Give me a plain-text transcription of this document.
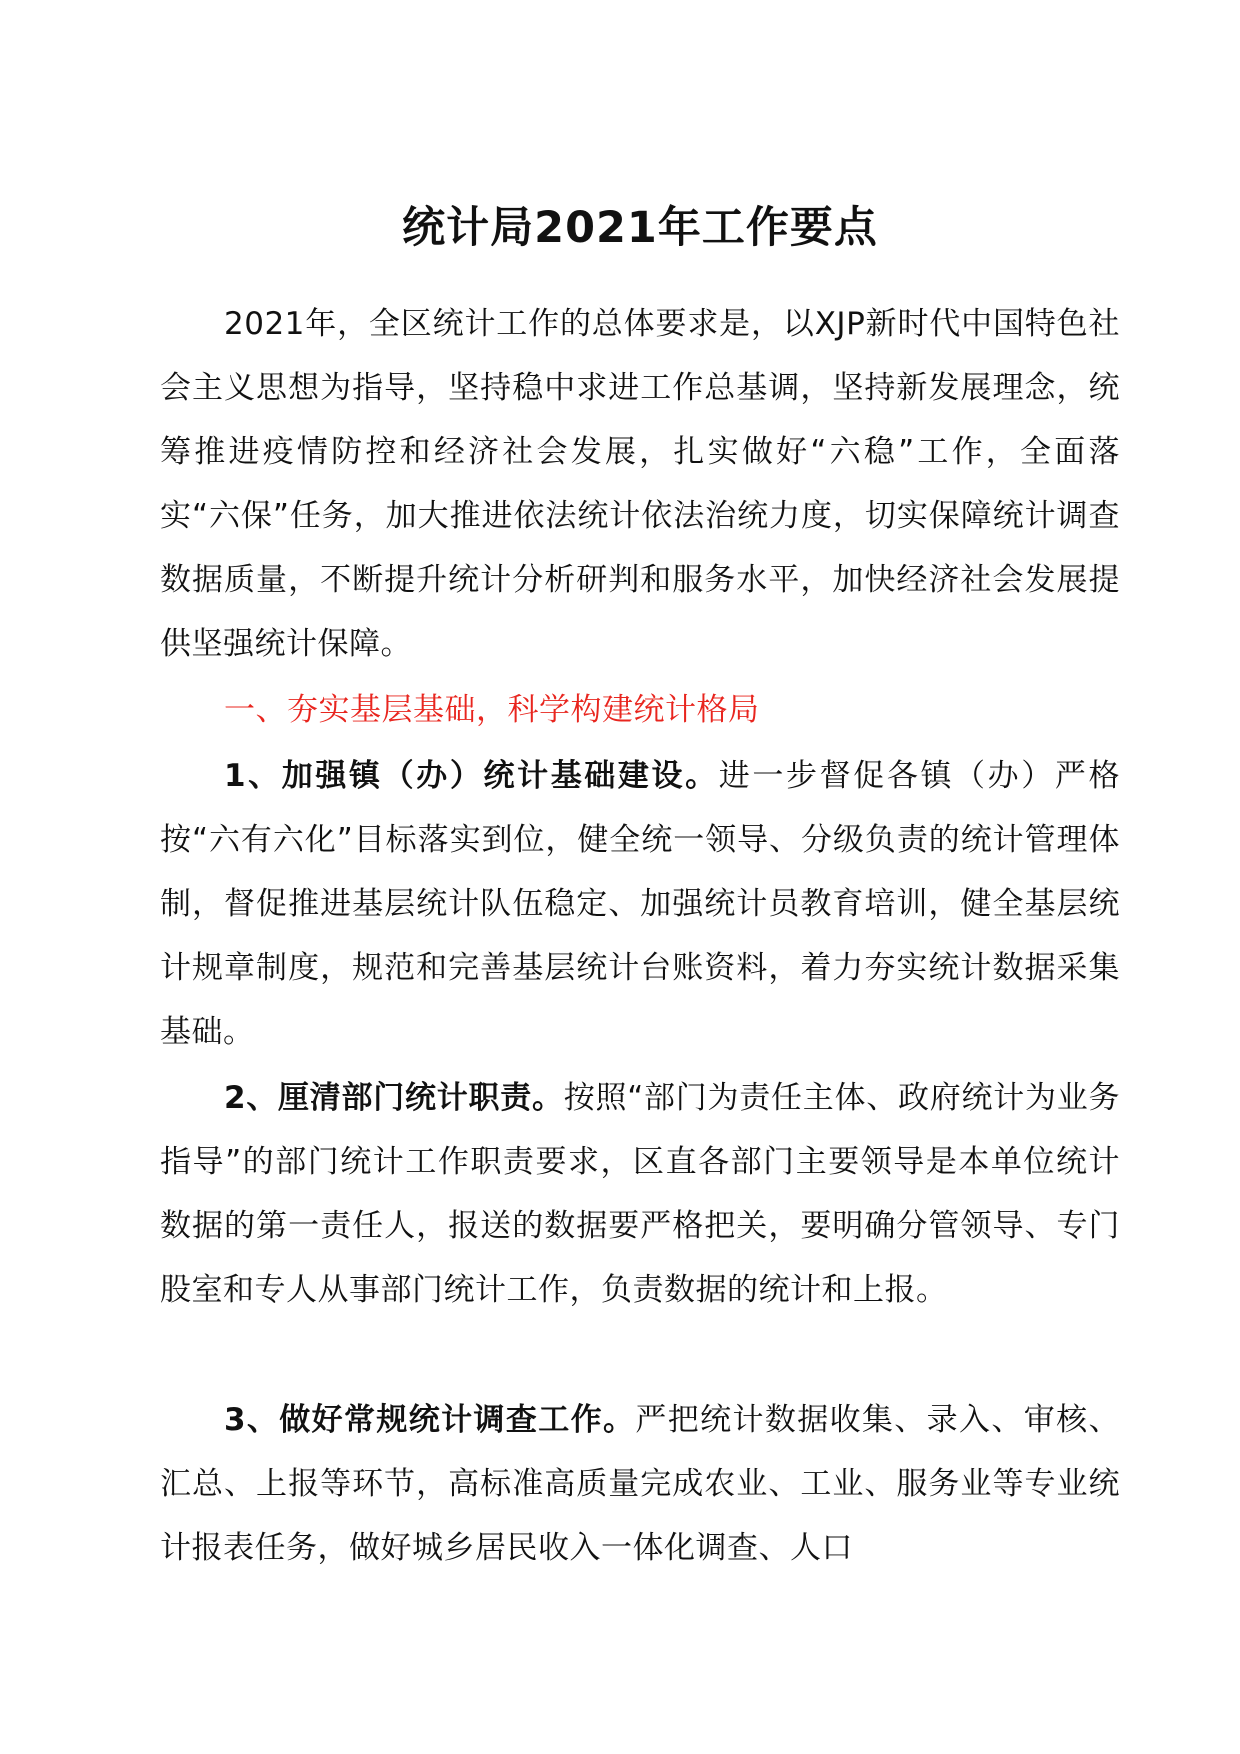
统计局2021年工作要点

2021年，全区统计工作的总体要求是，以XJP新时代中国特色社会主义思想为指导，坚持稳中求进工作总基调，坚持新发展理念，统筹推进疫情防控和经济社会发展，扎实做好“六稳”工作，全面落实“六保”任务，加大推进依法统计依法治统力度，切实保障统计调查数据质量，不断提升统计分析研判和服务水平，加快经济社会发展提供坚强统计保障。

一、夯实基层基础，科学构建统计格局

1、加强镇（办）统计基础建设。进一步督促各镇（办）严格按“六有六化”目标落实到位，健全统一领导、分级负责的统计管理体制，督促推进基层统计队伍稳定、加强统计员教育培训，健全基层统计规章制度，规范和完善基层统计台账资料，着力夯实统计数据采集基础。

2、厘清部门统计职责。按照“部门为责任主体、政府统计为业务指导”的部门统计工作职责要求，区直各部门主要领导是本单位统计数据的第一责任人，报送的数据要严格把关，要明确分管领导、专门股室和专人从事部门统计工作，负责数据的统计和上报。

3、做好常规统计调查工作。严把统计数据收集、录入、审核、汇总、上报等环节，高标准高质量完成农业、工业、服务业等专业统计报表任务，做好城乡居民收入一体化调查、人口
